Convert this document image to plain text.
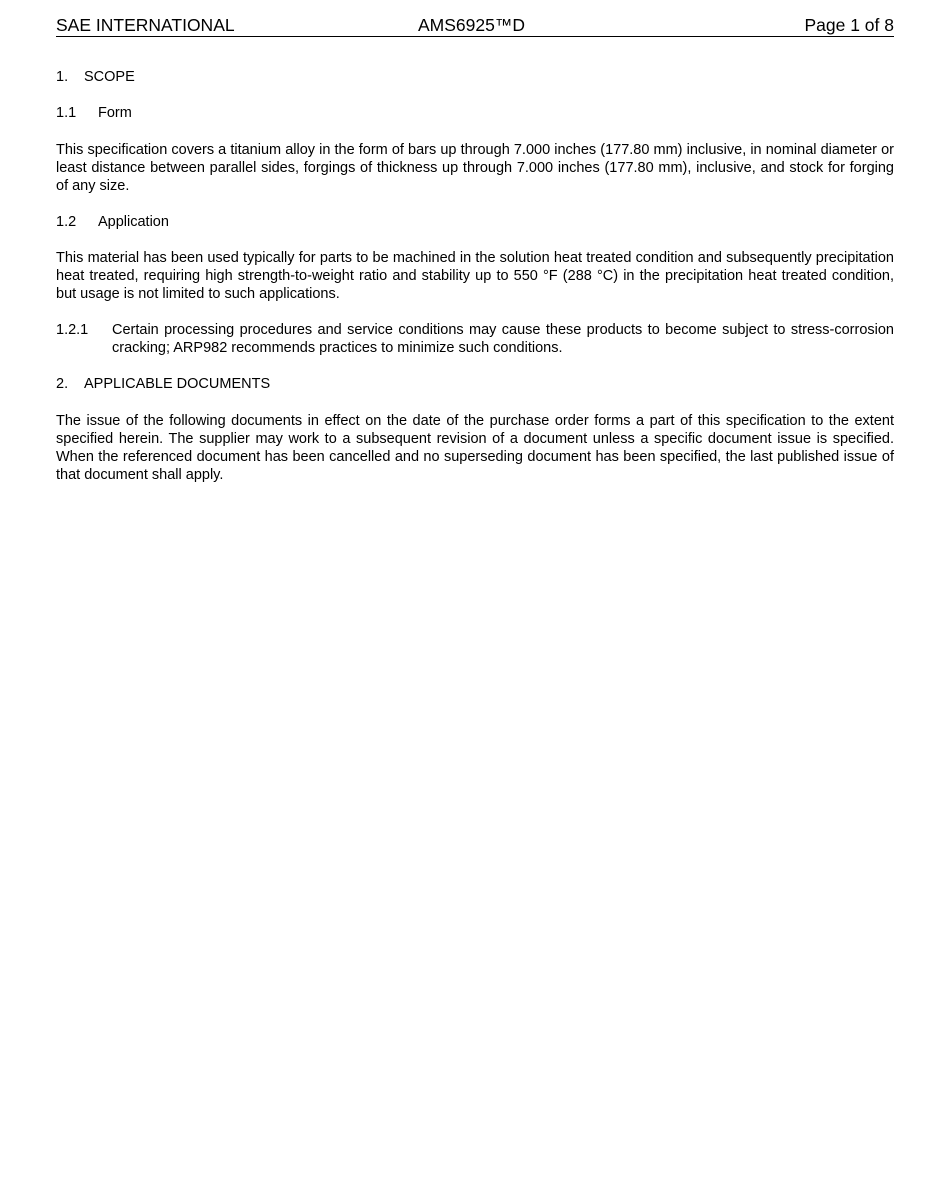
SAE INTERNATIONAL	AMS6925™D	Page 1 of 8
1. SCOPE
1.1 Form

This specification covers a titanium alloy in the form of bars up through 7.000 inches (177.80 mm) inclusive, in nominal diameter or least distance between parallel sides, forgings of thickness up through 7.000 inches (177.80 mm), inclusive, and stock for forging of any size.

1.2 Application

This material has been used typically for parts to be machined in the solution heat treated condition and subsequently precipitation heat treated, requiring high strength-to-weight ratio and stability up to 550 °F (288 °C) in the precipitation heat treated condition, but usage is not limited to such applications.

1.2.1 Certain processing procedures and service conditions may cause these products to become subject to stress-corrosion cracking; ARP982 recommends practices to minimize such conditions.
2. APPLICABLE DOCUMENTS

The issue of the following documents in effect on the date of the purchase order forms a part of this specification to the extent specified herein. The supplier may work to a subsequent revision of a document unless a specific document issue is specified. When the referenced document has been cancelled and no superseding document has been specified, the last published issue of that document shall apply.
